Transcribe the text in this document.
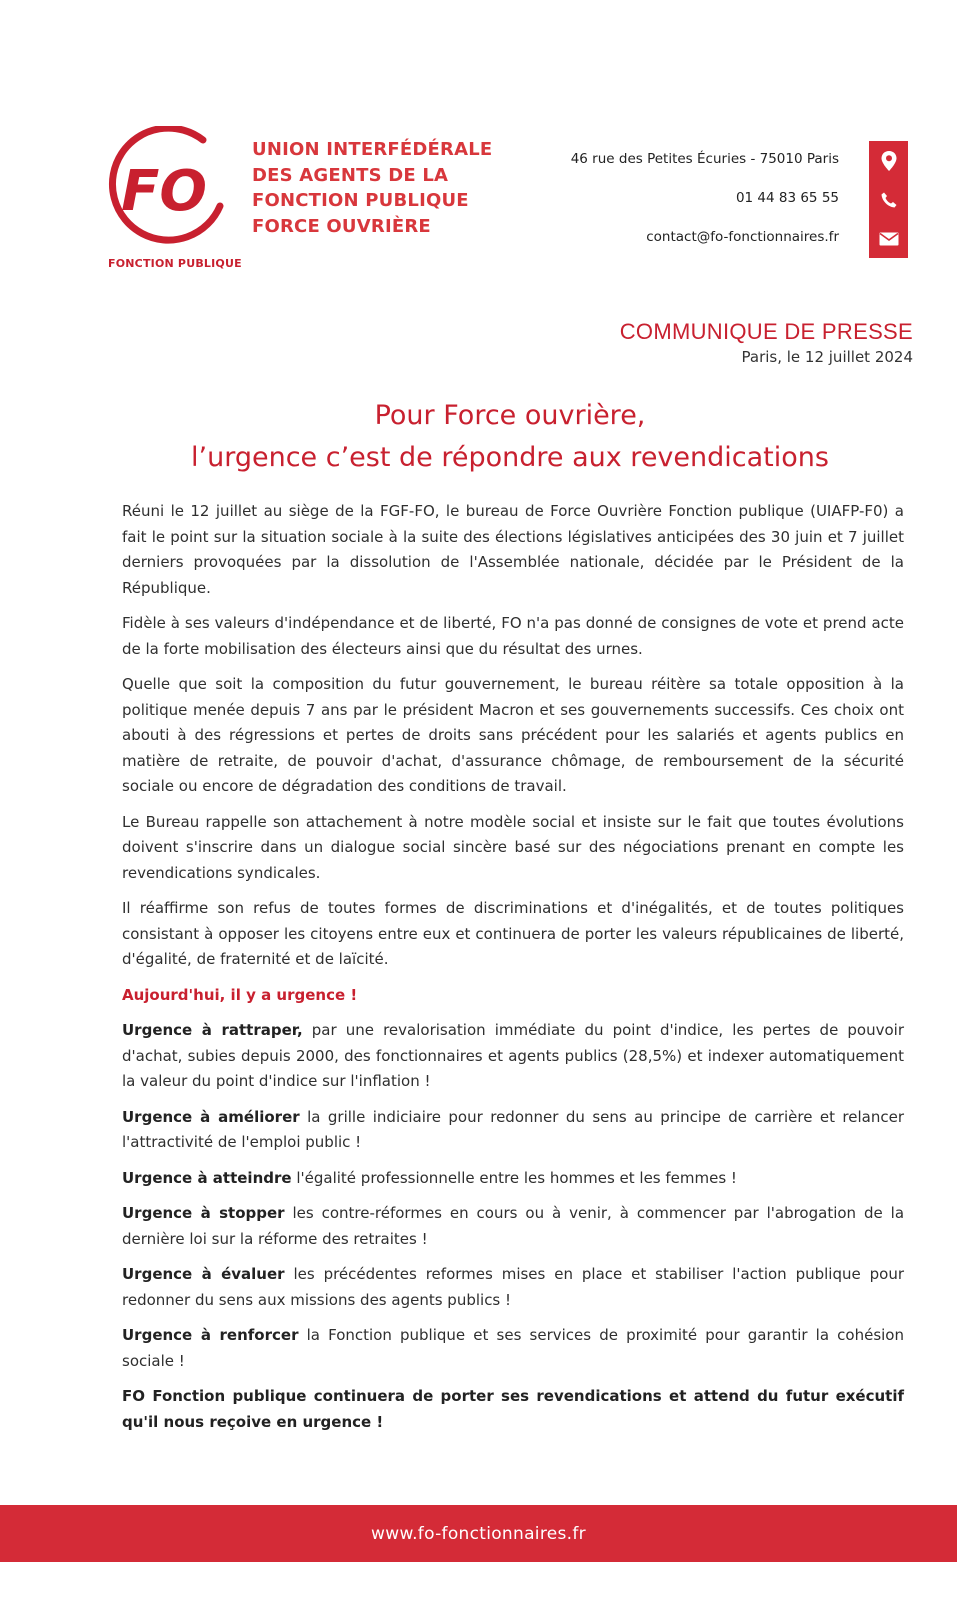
FO
FONCTION PUBLIQUE
UNION INTERFÉDÉRALE
DES AGENTS DE LA
FONCTION PUBLIQUE
FORCE OUVRIÈRE
46 rue des Petites Écuries - 75010 Paris
01 44 83 65 55
contact@fo-fonctionnaires.fr
COMMUNIQUE DE PRESSE
Paris, le 12 juillet 2024
Pour Force ouvrière,
l’urgence c’est de répondre aux revendications

Réuni le 12 juillet au siège de la FGF-FO, le bureau de Force Ouvrière Fonction publique (UIAFP-F0) a fait le point sur la situation sociale à la suite des élections législatives anticipées des 30 juin et 7 juillet derniers provoquées par la dissolution de l'Assemblée nationale, décidée par le Président de la République.

Fidèle à ses valeurs d'indépendance et de liberté, FO n'a pas donné de consignes de vote et prend acte de la forte mobilisation des électeurs ainsi que du résultat des urnes.

Quelle que soit la composition du futur gouvernement, le bureau réitère sa totale opposition à la politique menée depuis 7 ans par le président Macron et ses gouvernements successifs. Ces choix ont abouti à des régressions et pertes de droits sans précédent pour les salariés et agents publics en matière de retraite, de pouvoir d'achat, d'assurance chômage, de remboursement de la sécurité sociale ou encore de dégradation des conditions de travail.

Le Bureau rappelle son attachement à notre modèle social et insiste sur le fait que toutes évolutions doivent s'inscrire dans un dialogue social sincère basé sur des négociations prenant en compte les revendications syndicales.

Il réaffirme son refus de toutes formes de discriminations et d'inégalités, et de toutes politiques consistant à opposer les citoyens entre eux et continuera de porter les valeurs républicaines de liberté, d'égalité, de fraternité et de laïcité.

Aujourd'hui, il y a urgence !

Urgence à rattraper, par une revalorisation immédiate du point d'indice, les pertes de pouvoir d'achat, subies depuis 2000, des fonctionnaires et agents publics (28,5%) et indexer automatiquement la valeur du point d'indice sur l'inflation !

Urgence à améliorer la grille indiciaire pour redonner du sens au principe de carrière et relancer l'attractivité de l'emploi public !

Urgence à atteindre l'égalité professionnelle entre les hommes et les femmes !

Urgence à stopper les contre-réformes en cours ou à venir, à commencer par l'abrogation de la dernière loi sur la réforme des retraites !

Urgence à évaluer les précédentes reformes mises en place et stabiliser l'action publique pour redonner du sens aux missions des agents publics !

Urgence à renforcer la Fonction publique et ses services de proximité pour garantir la cohésion sociale !

FO Fonction publique continuera de porter ses revendications et attend du futur exécutif qu'il nous reçoive en urgence !

www.fo-fonctionnaires.fr
